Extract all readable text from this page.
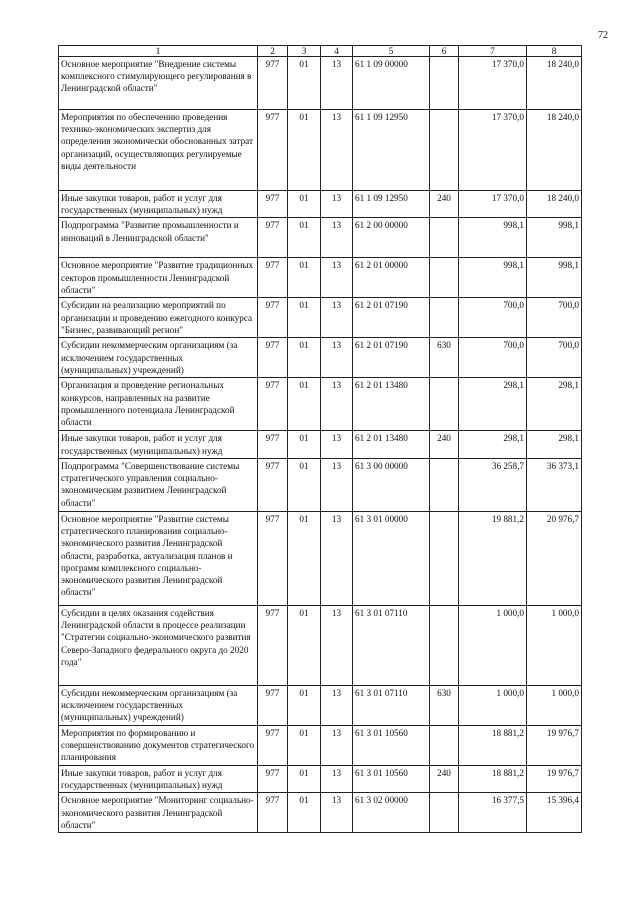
72
1	2	3	4	5	6	7	8
Основное мероприятие "Внедрение системы комплексного стимулирующего регулирования в Ленинградской области"	977	01	13	61 1 09 00000		17 370,0	18 240,0
Мероприятия по обеспечению проведения технико-экономических экспертиз для определения экономически обоснованных затрат организаций, осуществляющих регулируемые виды деятельности	977	01	13	61 1 09 12950		17 370,0	18 240,0
Иные закупки товаров, работ и услуг для государственных (муниципальных) нужд	977	01	13	61 1 09 12950	240	17 370,0	18 240,0
Подпрограмма "Развитие промышленности и инноваций в Ленинградской области"	977	01	13	61 2 00 00000		998,1	998,1
Основное мероприятие "Развитие традиционных секторов промышленности Ленинградской области"	977	01	13	61 2 01 00000		998,1	998,1
Субсидии на реализацию мероприятий по организации и проведению ежегодного конкурса "Бизнес, развивающий регион"	977	01	13	61 2 01 07190		700,0	700,0
Субсидии некоммерческим организациям (за исключением государственных (муниципальных) учреждений)	977	01	13	61 2 01 07190	630	700,0	700,0
Организация и проведение региональных конкурсов, направленных на развитие промышленного потенциала Ленинградской области	977	01	13	61 2 01 13480		298,1	298,1
Иные закупки товаров, работ и услуг для государственных (муниципальных) нужд	977	01	13	61 2 01 13480	240	298,1	298,1
Подпрограмма "Совершенствование системы стратегического управления социально-экономическим развитием Ленинградской области"	977	01	13	61 3 00 00000		36 258,7	36 373,1
Основное мероприятие "Развитие системы стратегического планирования социально-экономического развития Ленинградской области, разработка, актуализация планов и программ комплексного социально-экономического развития Ленинградской области"	977	01	13	61 3 01 00000		19 881,2	20 976,7
Субсидии в целях оказания содействия Ленинградской области в процессе реализации "Стратегии социально-экономического развития Северо-Западного федерального округа до 2020 года"	977	01	13	61 3 01 07110		1 000,0	1 000,0
Субсидии некоммерческим организациям (за исключением государственных (муниципальных) учреждений)	977	01	13	61 3 01 07110	630	1 000,0	1 000,0
Мероприятия по формированию и совершенствованию документов стратегического планирования	977	01	13	61 3 01 10560		18 881,2	19 976,7
Иные закупки товаров, работ и услуг для государственных (муниципальных) нужд	977	01	13	61 3 01 10560	240	18 881,2	19 976,7
Основное мероприятие "Мониторинг социально-экономического развития Ленинградской области"	977	01	13	61 3 02 00000		16 377,5	15 396,4
